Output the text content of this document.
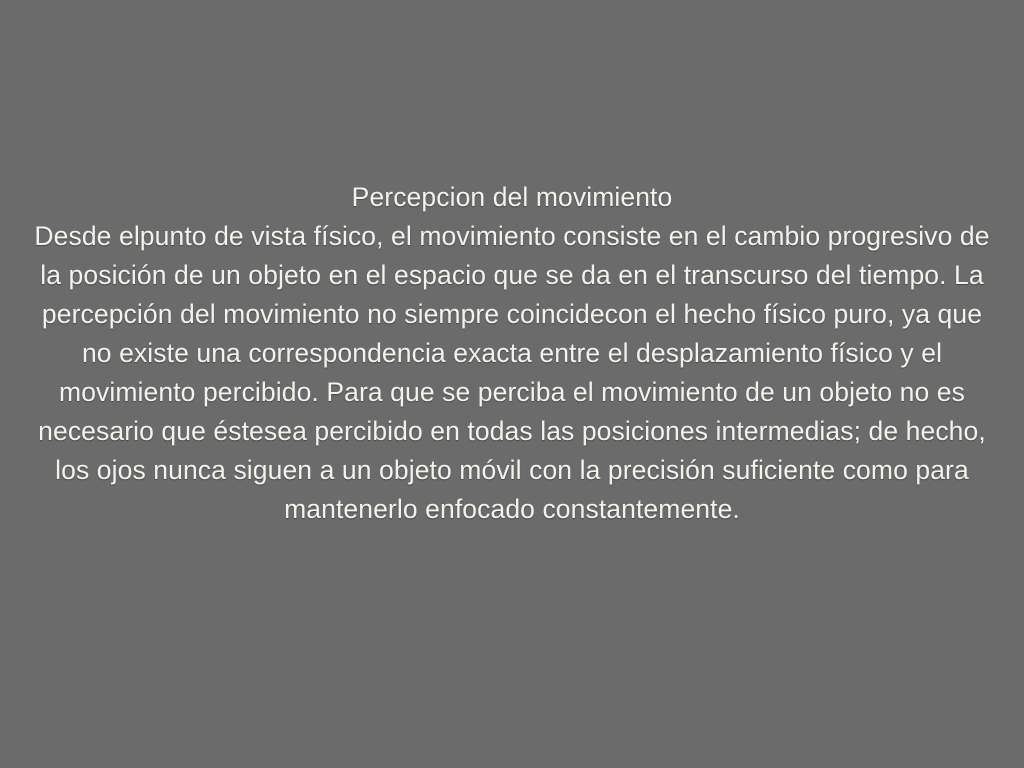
Percepcion del movimiento
Desde elpunto de vista físico, el movimiento consiste en el cambio progresivo de la posición de un objeto en el espacio que se da en el transcurso del tiempo. La percepción del movimiento no siempre coincidecon el hecho físico puro, ya que no existe una correspondencia exacta entre el desplazamiento físico y el movimiento percibido. Para que se perciba el movimiento de un objeto no es necesario que éstesea percibido en todas las posiciones intermedias; de hecho, los ojos nunca siguen a un objeto móvil con la precisión suficiente como para mantenerlo enfocado constantemente.
